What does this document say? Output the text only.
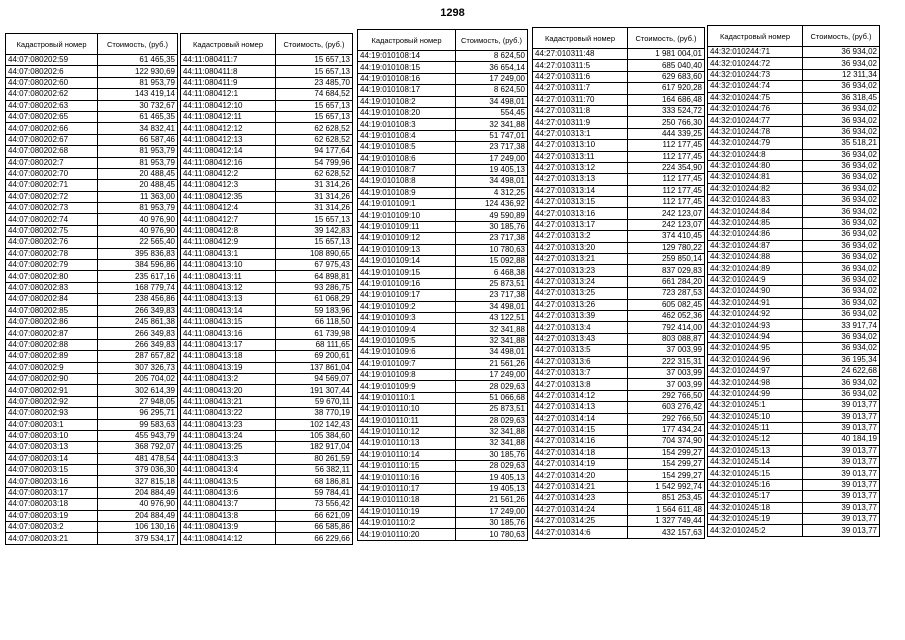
1298
Кадастровый номер	Стоимость, (руб.)
44:07:080202:59	61 465,35
44:07:080202:6	122 930,69
44:07:080202:60	81 953,79
44:07:080202:62	143 419,14
44:07:080202:63	30 732,67
44:07:080202:65	61 465,35
44:07:080202:66	34 832,41
44:07:080202:67	66 587,46
44:07:080202:68	81 953,79
44:07:080202:7	81 953,79
44:07:080202:70	20 488,45
44:07:080202:71	20 488,45
44:07:080202:72	11 363,00
44:07:080202:73	81 953,79
44:07:080202:74	40 976,90
44:07:080202:75	40 976,90
44:07:080202:76	22 565,40
44:07:080202:78	395 836,83
44:07:080202:79	384 596,86
44:07:080202:80	235 617,16
44:07:080202:83	168 779,74
44:07:080202:84	238 456,86
44:07:080202:85	266 349,83
44:07:080202:86	245 861,38
44:07:080202:87	266 349,83
44:07:080202:88	266 349,83
44:07:080202:89	287 657,82
44:07:080202:9	307 326,73
44:07:080202:90	205 704,02
44:07:080202:91	302 614,39
44:07:080202:92	27 948,05
44:07:080202:93	96 295,71
44:07:080203:1	99 583,63
44:07:080203:10	455 943,79
44:07:080203:13	368 792,07
44:07:080203:14	481 478,54
44:07:080203:15	379 036,30
44:07:080203:16	327 815,18
44:07:080203:17	204 884,49
44:07:080203:18	40 976,90
44:07:080203:19	204 884,49
44:07:080203:2	106 130,16
44:07:080203:21	379 534,17
Кадастровый номер	Стоимость, (руб.)
44:11:080411:7	15 657,13
44:11:080411:8	15 657,13
44:11:080411:9	23 485,70
44:11:080412:1	74 684,52
44:11:080412:10	15 657,13
44:11:080412:11	15 657,13
44:11:080412:12	62 628,52
44:11:080412:13	62 628,52
44:11:080412:14	94 177,64
44:11:080412:16	54 799,96
44:11:080412:2	62 628,52
44:11:080412:3	31 314,26
44:11:080412:35	31 314,26
44:11:080412:4	31 314,26
44:11:080412:7	15 657,13
44:11:080412:8	39 142,83
44:11:080412:9	15 657,13
44:11:080413:1	108 890,65
44:11:080413:10	67 975,43
44:11:080413:11	64 898,81
44:11:080413:12	93 286,75
44:11:080413:13	61 068,29
44:11:080413:14	59 183,96
44:11:080413:15	66 118,50
44:11:080413:16	61 739,98
44:11:080413:17	68 111,65
44:11:080413:18	69 200,61
44:11:080413:19	137 861,04
44:11:080413:2	94 569,07
44:11:080413:20	191 307,44
44:11:080413:21	59 670,11
44:11:080413:22	38 770,19
44:11:080413:23	102 142,43
44:11:080413:24	105 384,60
44:11:080413:25	182 917,04
44:11:080413:3	80 261,59
44:11:080413:4	56 382,11
44:11:080413:5	68 186,81
44:11:080413:6	59 784,41
44:11:080413:7	73 556,42
44:11:080413:8	66 621,09
44:11:080413:9	66 585,86
44:11:080414:12	66 229,66
Кадастровый номер	Стоимость, (руб.)
44:19:010108:14	8 624,50
44:19:010108:15	36 654,14
44:19:010108:16	17 249,00
44:19:010108:17	8 624,50
44:19:010108:2	34 498,01
44:19:010108:20	554,45
44:19:010108:3	32 341,88
44:19:010108:4	51 747,01
44:19:010108:5	23 717,38
44:19:010108:6	17 249,00
44:19:010108:7	19 405,13
44:19:010108:8	34 498,01
44:19:010108:9	4 312,25
44:19:010109:1	124 436,92
44:19:010109:10	49 590,89
44:19:010109:11	30 185,76
44:19:010109:12	23 717,38
44:19:010109:13	10 780,63
44:19:010109:14	15 092,88
44:19:010109:15	6 468,38
44:19:010109:16	25 873,51
44:19:010109:17	23 717,38
44:19:010109:2	34 498,01
44:19:010109:3	43 122,51
44:19:010109:4	32 341,88
44:19:010109:5	32 341,88
44:19:010109:6	34 498,01
44:19:010109:7	21 561,26
44:19:010109:8	17 249,00
44:19:010109:9	28 029,63
44:19:010110:1	51 066,68
44:19:010110:10	25 873,51
44:19:010110:11	28 029,63
44:19:010110:12	32 341,88
44:19:010110:13	32 341,88
44:19:010110:14	30 185,76
44:19:010110:15	28 029,63
44:19:010110:16	19 405,13
44:19:010110:17	19 405,13
44:19:010110:18	21 561,26
44:19:010110:19	17 249,00
44:19:010110:2	30 185,76
44:19:010110:20	10 780,63
Кадастровый номер	Стоимость, (руб.)
44:27:010311:48	1 981 004,01
44:27:010311:5	685 040,40
44:27:010311:6	629 683,60
44:27:010311:7	617 920,28
44:27:010311:70	164 686,48
44:27:010311:8	333 524,72
44:27:010311:9	250 766,30
44:27:010313:1	444 339,25
44:27:010313:10	112 177,45
44:27:010313:11	112 177,45
44:27:010313:12	224 354,90
44:27:010313:13	112 177,45
44:27:010313:14	112 177,45
44:27:010313:15	112 177,45
44:27:010313:16	242 123,07
44:27:010313:17	242 123,07
44:27:010313:2	374 410,45
44:27:010313:20	129 780,22
44:27:010313:21	259 850,14
44:27:010313:23	837 029,83
44:27:010313:24	661 284,20
44:27:010313:25	723 287,53
44:27:010313:26	605 082,45
44:27:010313:39	462 052,36
44:27:010313:4	792 414,00
44:27:010313:43	803 088,87
44:27:010313:5	37 003,99
44:27:010313:6	222 315,31
44:27:010313:7	37 003,99
44:27:010313:8	37 003,99
44:27:010314:12	292 766,50
44:27:010314:13	603 276,42
44:27:010314:14	292 766,50
44:27:010314:15	177 434,24
44:27:010314:16	704 374,90
44:27:010314:18	154 299,27
44:27:010314:19	154 299,27
44:27:010314:20	154 299,27
44:27:010314:21	1 542 992,74
44:27:010314:23	851 253,45
44:27:010314:24	1 564 611,48
44:27:010314:25	1 327 749,44
44:27:010314:6	432 157,63
Кадастровый номер	Стоимость, (руб.)
44:32:010244:71	36 934,02
44:32:010244:72	36 934,02
44:32:010244:73	12 311,34
44:32:010244:74	36 934,02
44:32:010244:75	36 318,45
44:32:010244:76	36 934,02
44:32:010244:77	36 934,02
44:32:010244:78	36 934,02
44:32:010244:79	35 518,21
44:32:010244:8	36 934,02
44:32:010244:80	36 934,02
44:32:010244:81	36 934,02
44:32:010244:82	36 934,02
44:32:010244:83	36 934,02
44:32:010244:84	36 934,02
44:32:010244:85	36 934,02
44:32:010244:86	36 934,02
44:32:010244:87	36 934,02
44:32:010244:88	36 934,02
44:32:010244:89	36 934,02
44:32:010244:9	36 934,02
44:32:010244:90	36 934,02
44:32:010244:91	36 934,02
44:32:010244:92	36 934,02
44:32:010244:93	33 917,74
44:32:010244:94	36 934,02
44:32:010244:95	36 934,02
44:32:010244:96	36 195,34
44:32:010244:97	24 622,68
44:32:010244:98	36 934,02
44:32:010244:99	36 934,02
44:32:010245:1	39 013,77
44:32:010245:10	39 013,77
44:32:010245:11	39 013,77
44:32:010245:12	40 184,19
44:32:010245:13	39 013,77
44:32:010245:14	39 013,77
44:32:010245:15	39 013,77
44:32:010245:16	39 013,77
44:32:010245:17	39 013,77
44:32:010245:18	39 013,77
44:32:010245:19	39 013,77
44:32:010245:2	39 013,77
